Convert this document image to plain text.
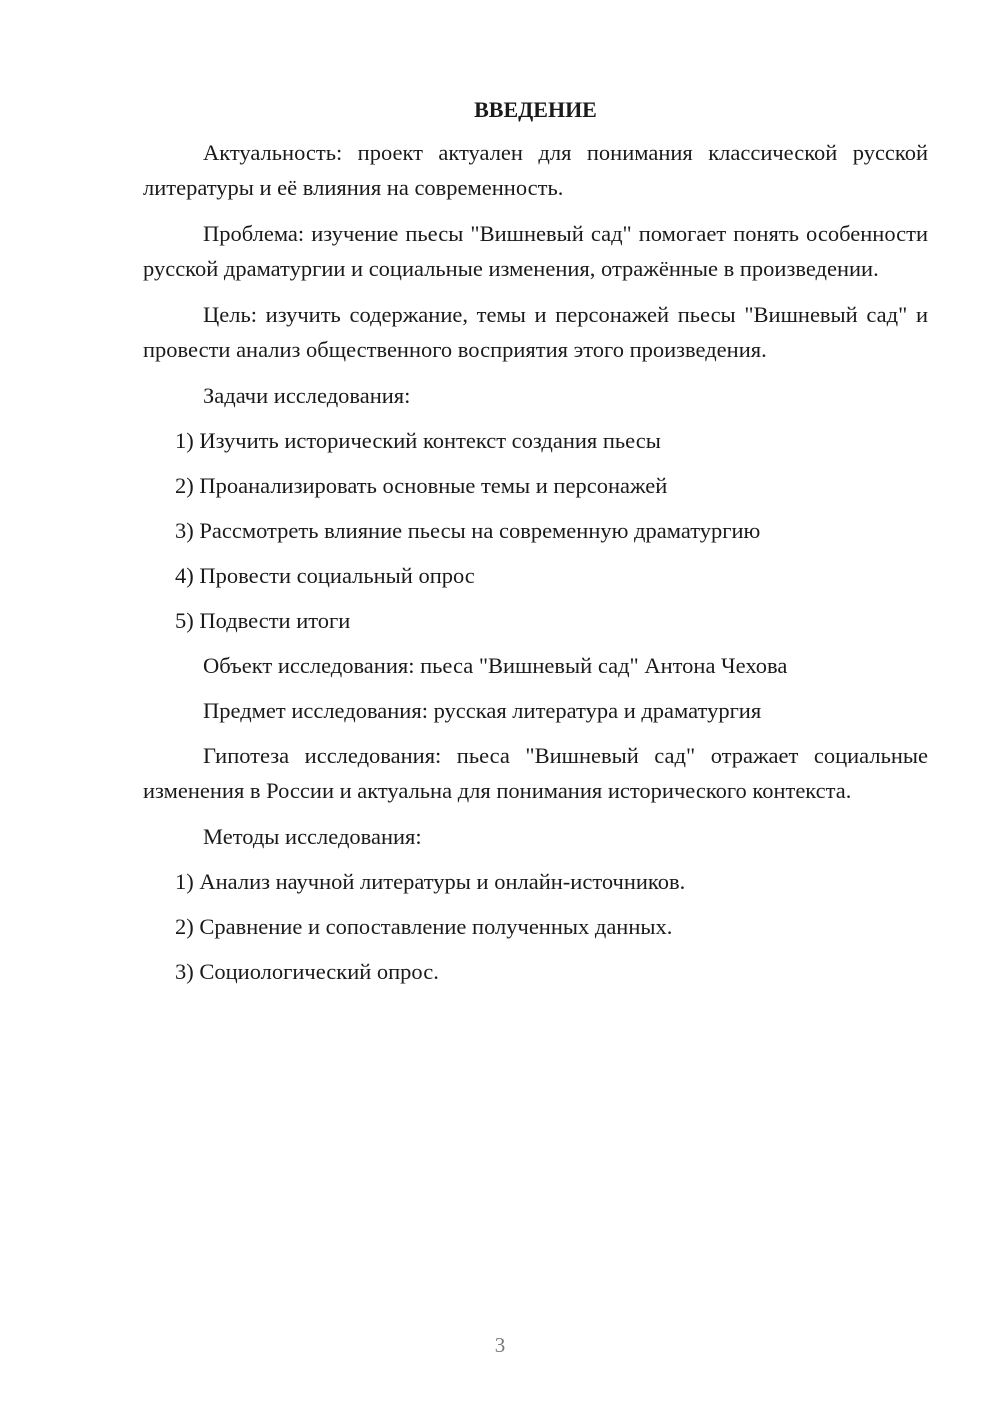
ВВЕДЕНИЕ
Актуальность: проект актуален для понимания классической русской литературы и её влияния на современность.
Проблема: изучение пьесы "Вишневый сад" помогает понять особенности русской драматургии и социальные изменения, отражённые в произведении.
Цель: изучить содержание, темы и персонажей пьесы "Вишневый сад" и провести анализ общественного восприятия этого произведения.
Задачи исследования:
1) Изучить исторический контекст создания пьесы
2) Проанализировать основные темы и персонажей
3) Рассмотреть влияние пьесы на современную драматургию
4) Провести социальный опрос
5) Подвести итоги
Объект исследования: пьеса "Вишневый сад" Антона Чехова
Предмет исследования: русская литература и драматургия
Гипотеза исследования: пьеса "Вишневый сад" отражает социальные изменения в России и актуальна для понимания исторического контекста.
Методы исследования:
1) Анализ научной литературы и онлайн-источников.
2) Сравнение и сопоставление полученных данных.
3) Социологический опрос.
3
